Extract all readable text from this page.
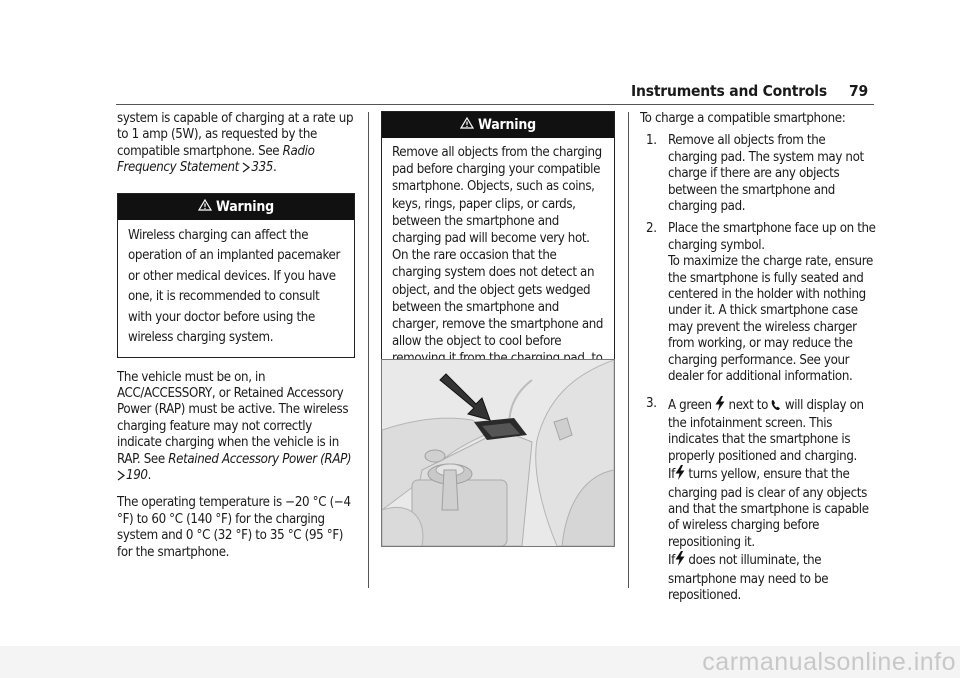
Instruments and Controls 79

system is capable of charging at a rate up to 1 amp (5W), as requested by the compatible smartphone. See Radio Frequency Statement 335.

Warning
Wireless charging can affect the operation of an implanted pacemaker or other medical devices. If you have one, it is recommended to consult with your doctor before using the wireless charging system.

The vehicle must be on, in ACC/ACCESSORY, or Retained Accessory Power (RAP) must be active. The wireless charging feature may not correctly indicate charging when the vehicle is in RAP. See Retained Accessory Power (RAP) 190.

The operating temperature is −20 °C (−4 °F) to 60 °C (140 °F) for the charging system and 0 °C (32 °F) to 35 °C (95 °F) for the smartphone.

Warning
Remove all objects from the charging pad before charging your compatible smartphone. Objects, such as coins, keys, rings, paper clips, or cards, between the smartphone and charging pad will become very hot. On the rare occasion that the charging system does not detect an object, and the object gets wedged between the smartphone and charger, remove the smartphone and allow the object to cool before

To charge a compatible smartphone:

1. Remove all objects from the charging pad. The system may not charge if there are any objects between the smartphone and charging pad.
2. Place the smartphone face up on the charging symbol.

To maximize the charge rate, ensure the smartphone is fully seated and centered in the holder with nothing under it. A thick smartphone case may prevent the wireless charger from working, or may reduce the charging performance. See your dealer for additional information.

3. A green next to will display on the infotainment screen. This indicates that the smartphone is properly positioned and charging.

If turns yellow, ensure that the charging pad is clear of any objects and that the smartphone is capable of wireless charging before repositioning it.

If does not illuminate, the smartphone may need to be repositioned.

carmanualsonline.info
